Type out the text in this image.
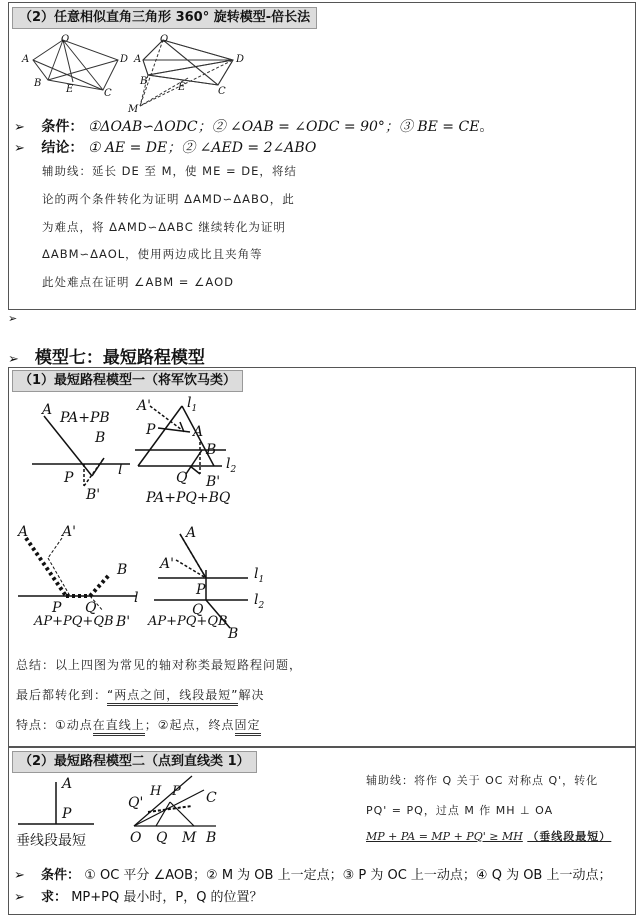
（2）任意相似直角三角形 360° 旋转模型-倍长法
O
A
B
E	C
D
O
A
B
E	C
D
M
➢ 条件： ①ΔOAB∽ΔODC；② ∠OAB = ∠ODC = 90°；③ BE = CE。
➢ 结论： ① AE = DE；② ∠AED = 2∠ABO
辅助线：延长 DE 至 M，使 ME = DE，将结
论的两个条件转化为证明 ΔAMD∽ΔABO，此
为难点，将 ΔAMD∽ΔABC 继续转化为证明
ΔABM∽ΔAOL，使用两边成比且夹角等
此处难点在证明 ∠ABM = ∠AOD
➢
➢ 模型七：最短路程模型
（1）最短路程模型一（将军饮马类）
A PA+PB
B
P
B'
l
A'	$l_1$
P	A
B
$l_2$
Q B'
PA+PQ+BQ
A A'
B
l
P Q
AP+PQ+QB B'
A
A'
P
$l_1$
$l_2$
Q
AP+PQ+QB
B
总结：以上四图为常见的轴对称类最短路程问题，
最后都转化到：“两点之间，线段最短”解决
特点：①动点在直线上；②起点，终点固定
（2）最短路程模型二（点到直线类 1）
A
P
垂线段最短
Q'
H P C
O Q M B
辅助线：将作 Q 关于 OC 对称点 Q'，转化
PQ' = PQ，过点 M 作 MH ⊥ OA
MP + PA = MP + PQ' ≥ MH （垂线段最短）
➢ 条件： ① OC 平分 ∠AOB；② M 为 OB 上一定点；③ P 为 OC 上一动点；④ Q 为 OB 上一动点；
➢ 求： MP+PQ 最小时，P，Q 的位置？
